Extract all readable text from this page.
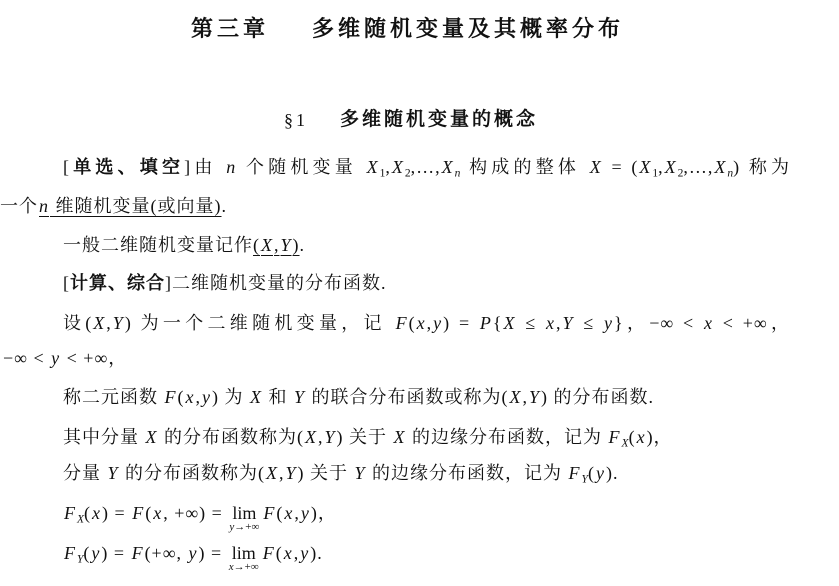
第三章 多维随机变量及其概率分布
§1 多维随机变量的概念

[单选、填空]由 n 个随机变量 X1,X2,…,Xn 构成的整体 X = (X1,X2,…,Xn) 称为

一个n 维随机变量(或向量).

一般二维随机变量记作(X,Y).

[计算、综合]二维随机变量的分布函数.

设(X,Y) 为一个二维随机变量，记 F(x,y) = P{X ≤ x,Y ≤ y}，−∞ < x < +∞，

−∞ < y < +∞，

称二元函数 F(x,y) 为 X 和 Y 的联合分布函数或称为(X,Y) 的分布函数.

其中分量 X 的分布函数称为(X,Y) 关于 X 的边缘分布函数，记为 FX(x)，

分量 Y 的分布函数称为(X,Y) 关于 Y 的边缘分布函数，记为 FY(y).

FX(x) = F(x, +∞) = lim
y→+∞
F(x,y)，

FY(y) = F(+∞, y) = lim
x→+∞
F(x,y).
